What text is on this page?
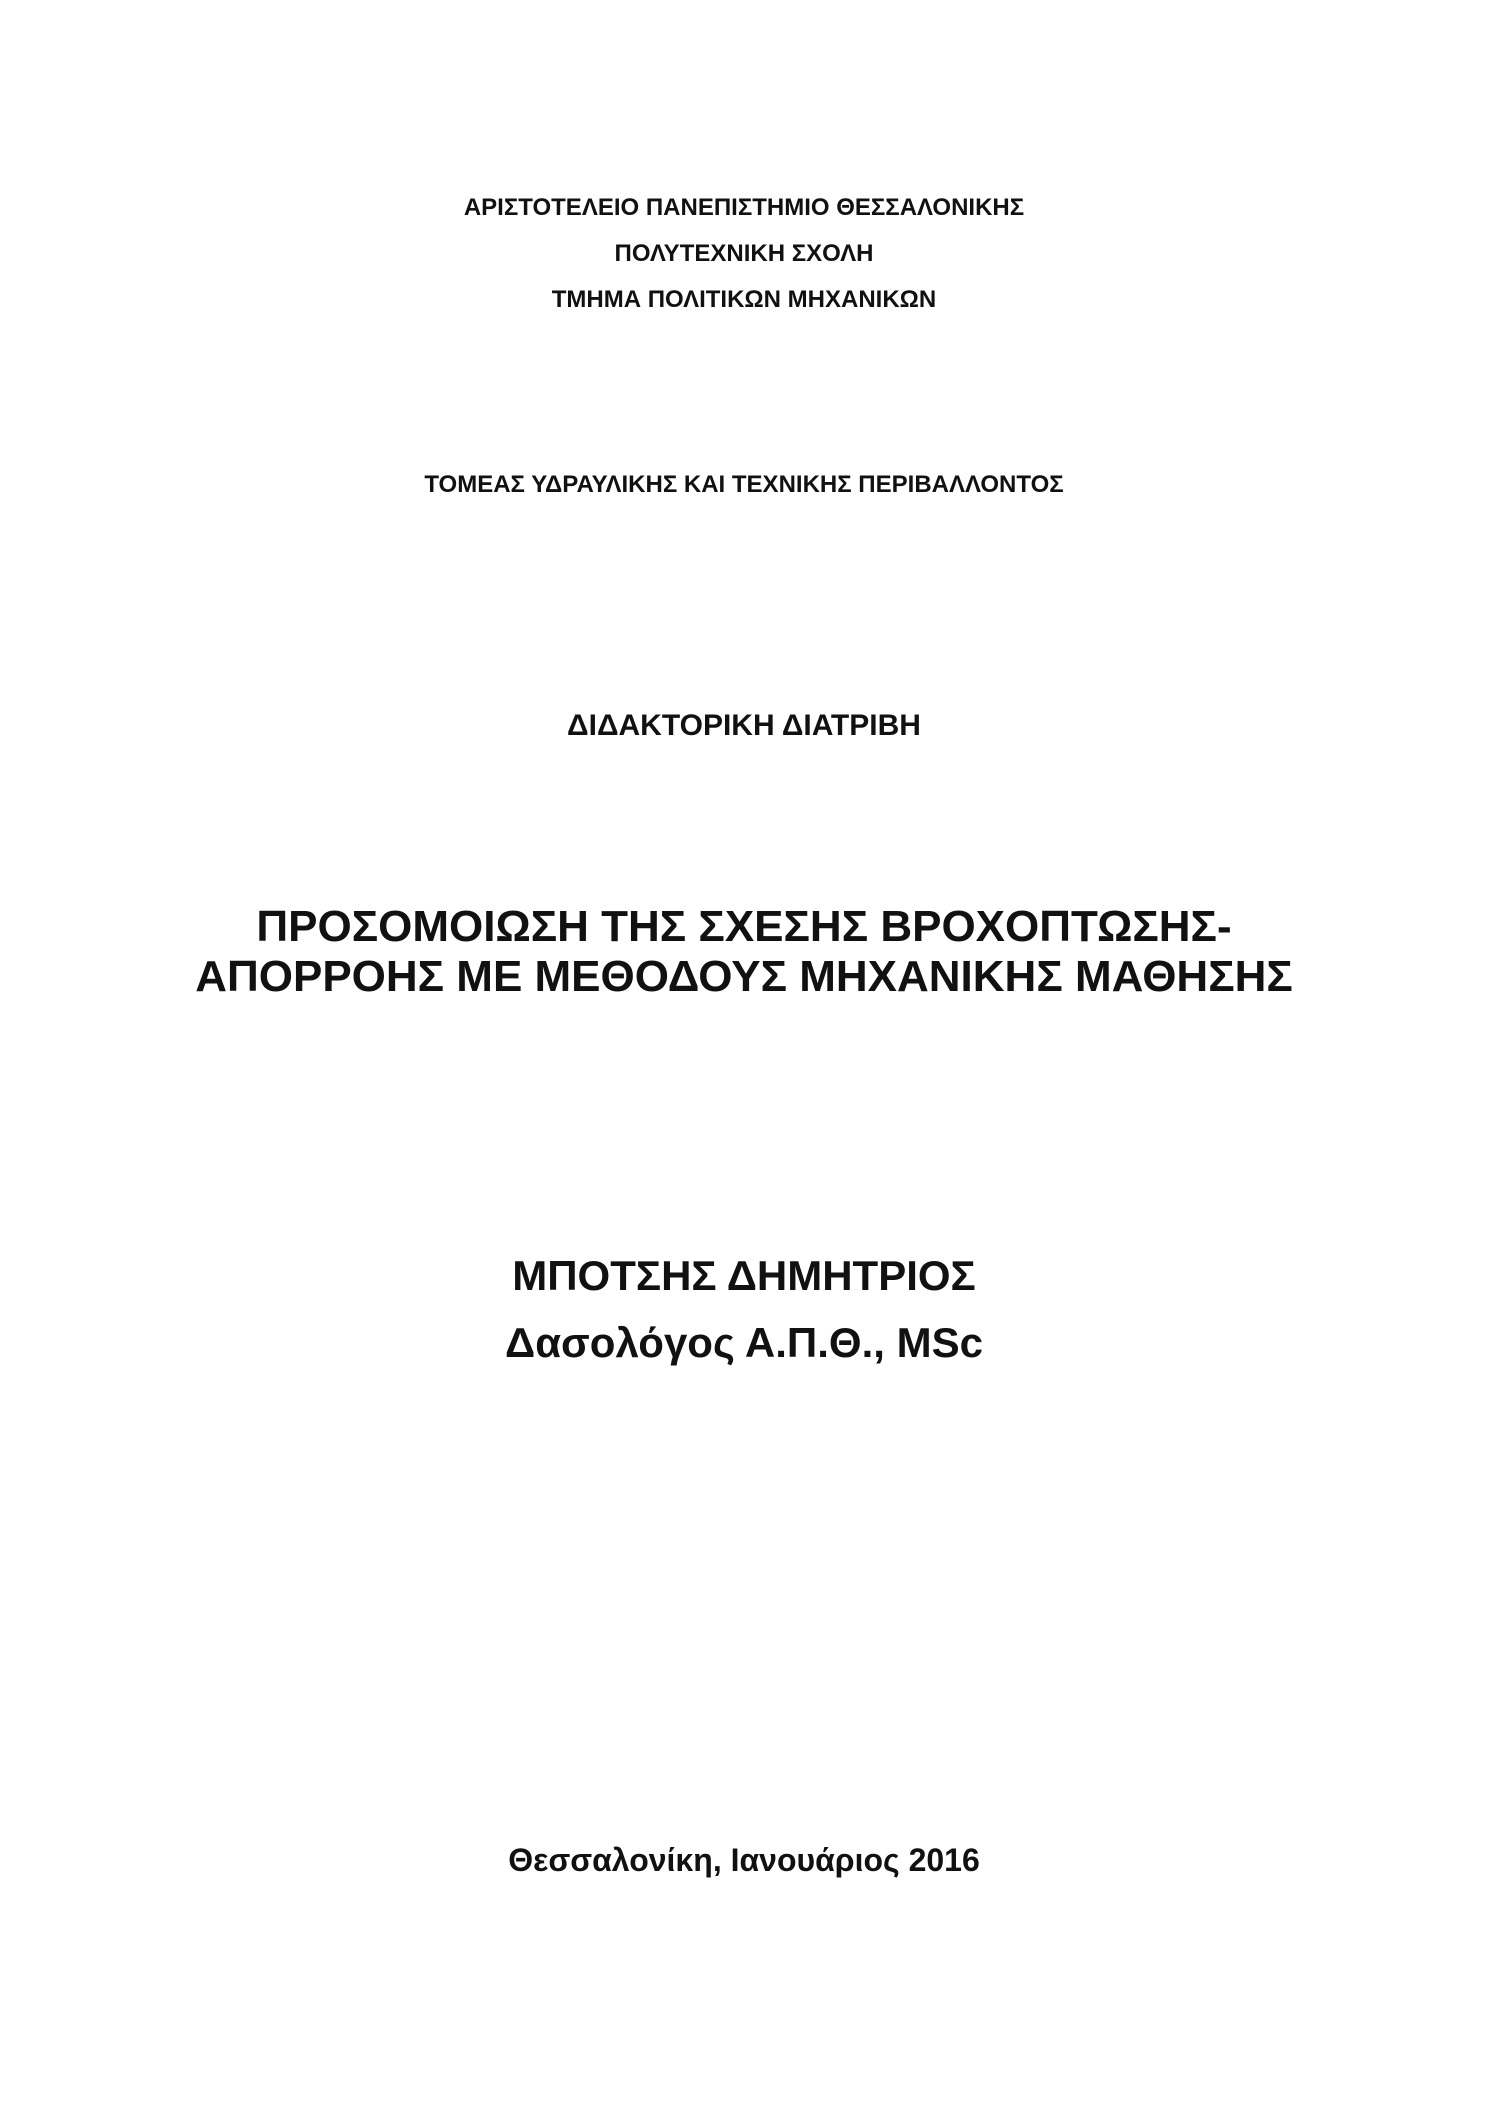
ΑΡΙΣΤΟΤΕΛΕΙΟ ΠΑΝΕΠΙΣΤΗΜΙΟ ΘΕΣΣΑΛΟΝΙΚΗΣ
ΠΟΛΥΤΕΧΝΙΚΗ ΣΧΟΛΗ
ΤΜΗΜΑ ΠΟΛΙΤΙΚΩΝ ΜΗΧΑΝΙΚΩΝ
ΤΟΜΕΑΣ ΥΔΡΑΥΛΙΚΗΣ ΚΑΙ ΤΕΧΝΙΚΗΣ ΠΕΡΙΒΑΛΛΟΝΤΟΣ
ΔΙΔΑΚΤΟΡΙΚΗ ΔΙΑΤΡΙΒΗ
ΠΡΟΣΟΜΟΙΩΣΗ ΤΗΣ ΣΧΕΣΗΣ ΒΡΟΧΟΠΤΩΣΗΣ-
ΑΠΟΡΡΟΗΣ ΜΕ ΜΕΘΟΔΟΥΣ ΜΗΧΑΝΙΚΗΣ ΜΑΘΗΣΗΣ
ΜΠΟΤΣΗΣ ΔΗΜΗΤΡΙΟΣ
Δασολόγος Α.Π.Θ., MSc
Θεσσαλονίκη, Ιανουάριος 2016
